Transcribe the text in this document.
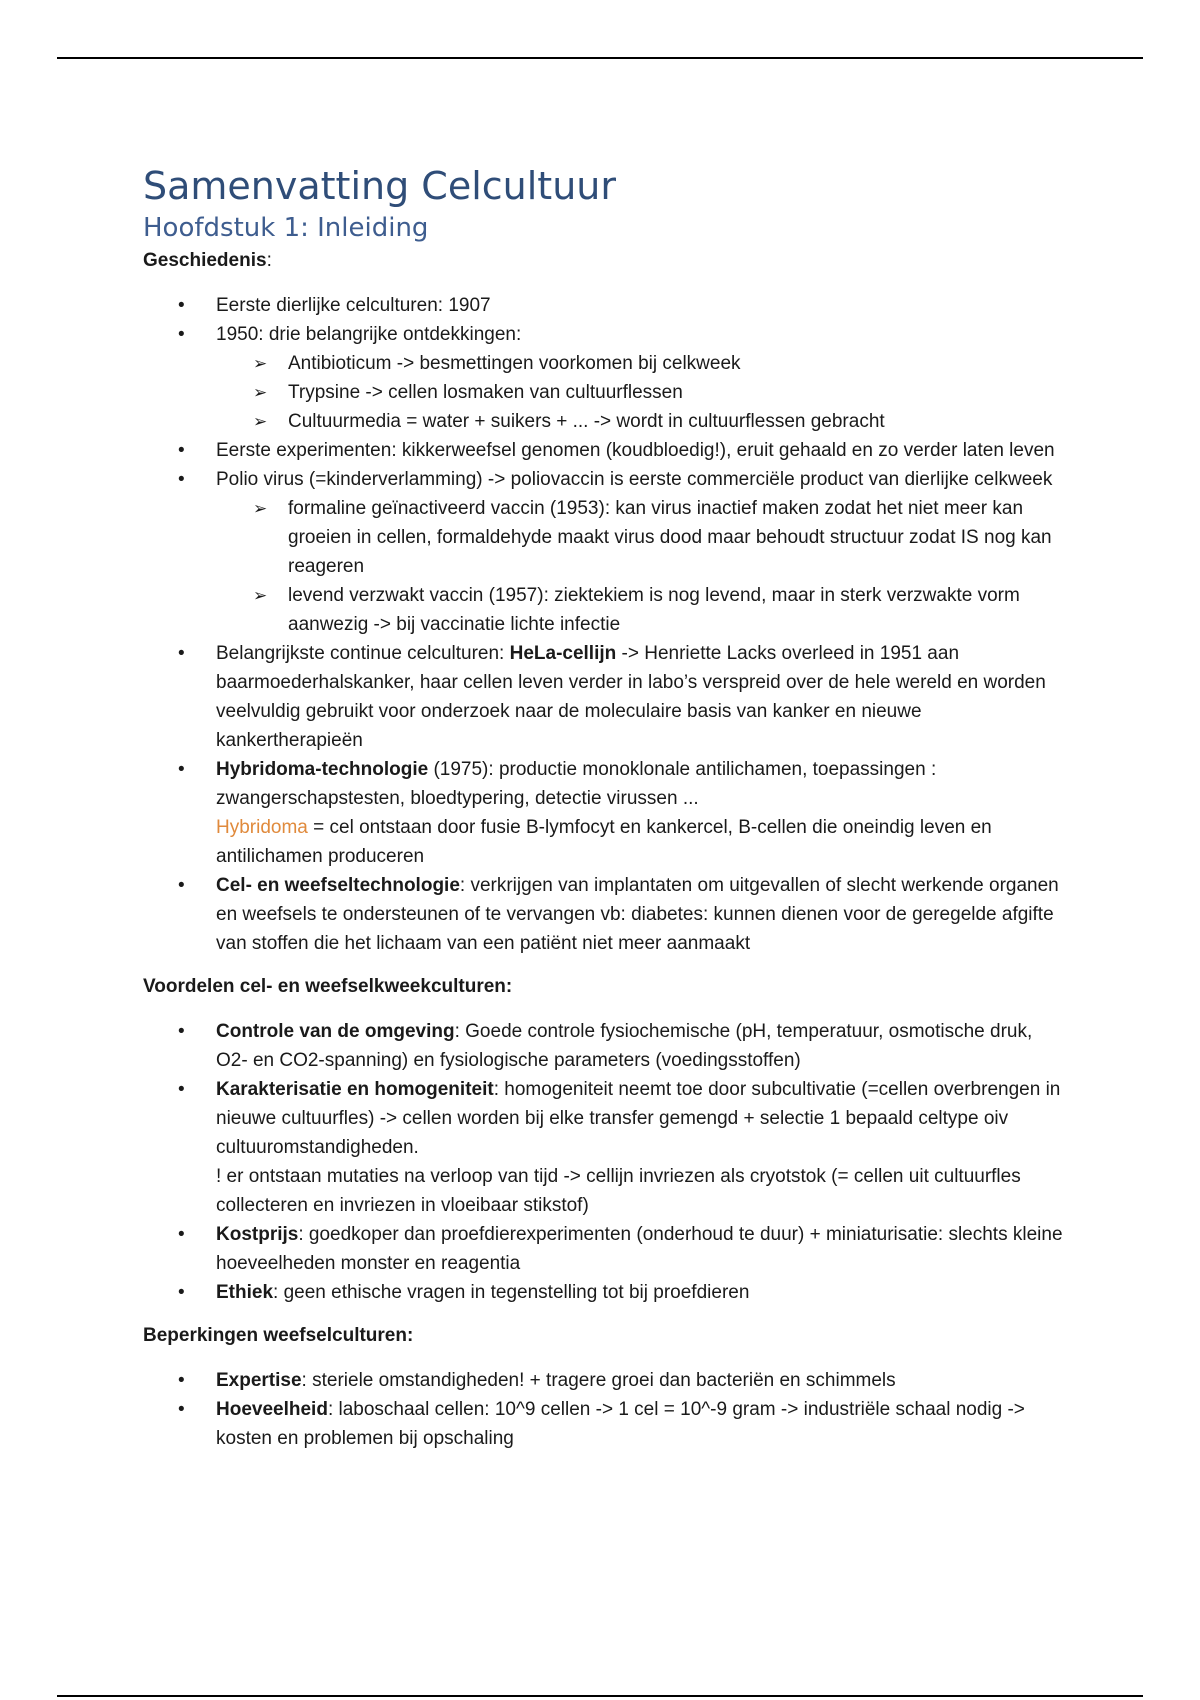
Samenvatting Celcultuur
Hoofdstuk 1: Inleiding

Geschiedenis:

• Eerste dierlijke celculturen: 1907
• 1950: drie belangrijke ontdekkingen:
➢ Antibioticum -> besmettingen voorkomen bij celkweek
➢ Trypsine -> cellen losmaken van cultuurflessen
➢ Cultuurmedia = water + suikers + ... -> wordt in cultuurflessen gebracht
• Eerste experimenten: kikkerweefsel genomen (koudbloedig!), eruit gehaald en zo verder laten leven
• Polio virus (=kinderverlamming) -> poliovaccin is eerste commerciële product van dierlijke celkweek
➢ formaline geïnactiveerd vaccin (1953): kan virus inactief maken zodat het niet meer kan groeien in cellen, formaldehyde maakt virus dood maar behoudt structuur zodat IS nog kan reageren
➢ levend verzwakt vaccin (1957): ziektekiem is nog levend, maar in sterk verzwakte vorm aanwezig -> bij vaccinatie lichte infectie
• Belangrijkste continue celculturen: HeLa-cellijn -> Henriette Lacks overleed in 1951 aan baarmoederhalskanker, haar cellen leven verder in labo’s verspreid over de hele wereld en worden veelvuldig gebruikt voor onderzoek naar de moleculaire basis van kanker en nieuwe kankertherapieën
• Hybridoma-technologie (1975): productie monoklonale antilichamen, toepassingen : zwangerschapstesten, bloedtypering, detectie virussen ...
Hybridoma = cel ontstaan door fusie B-lymfocyt en kankercel, B-cellen die oneindig leven en antilichamen produceren
• Cel- en weefseltechnologie: verkrijgen van implantaten om uitgevallen of slecht werkende organen en weefsels te ondersteunen of te vervangen vb: diabetes: kunnen dienen voor de geregelde afgifte van stoffen die het lichaam van een patiënt niet meer aanmaakt

Voordelen cel- en weefselkweekculturen:

• Controle van de omgeving: Goede controle fysiochemische (pH, temperatuur, osmotische druk, O2- en CO2-spanning) en fysiologische parameters (voedingsstoffen)
• Karakterisatie en homogeniteit: homogeniteit neemt toe door subcultivatie (=cellen overbrengen in nieuwe cultuurfles) -> cellen worden bij elke transfer gemengd + selectie 1 bepaald celtype oiv cultuuromstandigheden.
! er ontstaan mutaties na verloop van tijd -> cellijn invriezen als cryotstok (= cellen uit cultuurfles collecteren en invriezen in vloeibaar stikstof)
• Kostprijs: goedkoper dan proefdierexperimenten (onderhoud te duur) + miniaturisatie: slechts kleine hoeveelheden monster en reagentia
• Ethiek: geen ethische vragen in tegenstelling tot bij proefdieren

Beperkingen weefselculturen:

• Expertise: steriele omstandigheden! + tragere groei dan bacteriën en schimmels
• Hoeveelheid: laboschaal cellen: 10^9 cellen -> 1 cel = 10^-9 gram -> industriële schaal nodig -> kosten en problemen bij opschaling
